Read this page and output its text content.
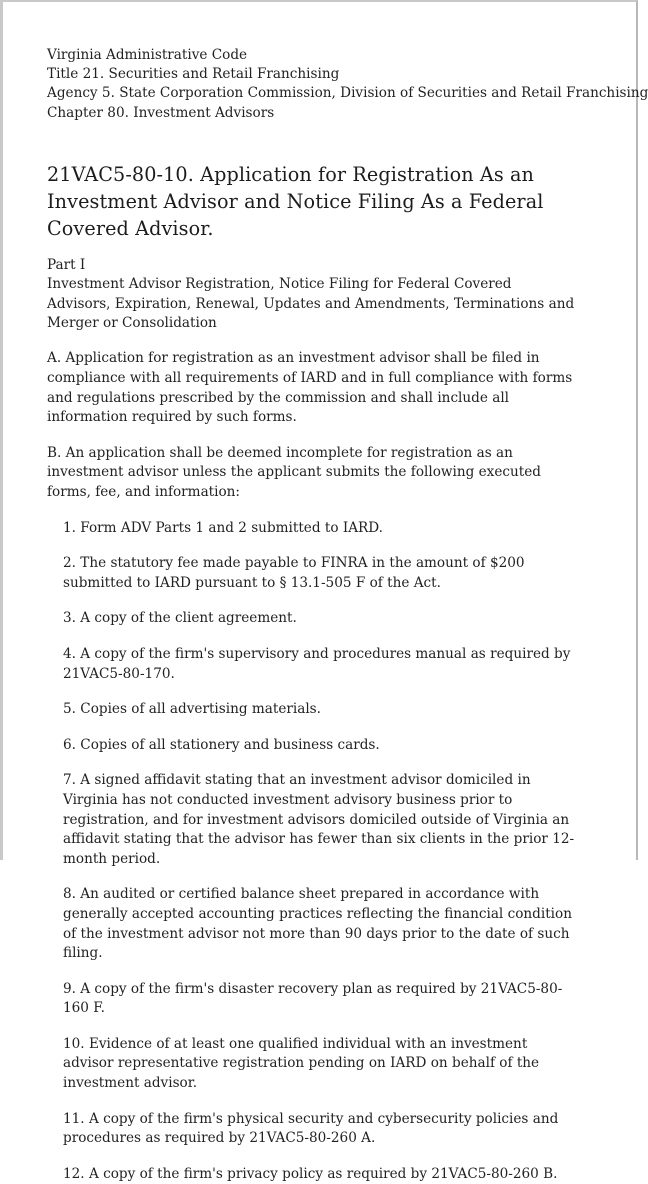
Virginia Administrative Code
Title 21. Securities and Retail Franchising
Agency 5. State Corporation Commission, Division of Securities and Retail Franchising
Chapter 80. Investment Advisors
21VAC5-80-10. Application for Registration As an Investment Advisor and Notice Filing As a Federal Covered Advisor.
Part I
Investment Advisor Registration, Notice Filing for Federal Covered Advisors, Expiration, Renewal, Updates and Amendments, Terminations and Merger or Consolidation

A. Application for registration as an investment advisor shall be filed in compliance with all requirements of IARD and in full compliance with forms and regulations prescribed by the commission and shall include all information required by such forms.

B. An application shall be deemed incomplete for registration as an investment advisor unless the applicant submits the following executed forms, fee, and information:

1. Form ADV Parts 1 and 2 submitted to IARD.

2. The statutory fee made payable to FINRA in the amount of $200 submitted to IARD pursuant to § 13.1-505 F of the Act.

3. A copy of the client agreement.

4. A copy of the firm's supervisory and procedures manual as required by 21VAC5-80-170.

5. Copies of all advertising materials.

6. Copies of all stationery and business cards.

7. A signed affidavit stating that an investment advisor domiciled in Virginia has not conducted investment advisory business prior to registration, and for investment advisors domiciled outside of Virginia an affidavit stating that the advisor has fewer than six clients in the prior 12-month period.

8. An audited or certified balance sheet prepared in accordance with generally accepted accounting practices reflecting the financial condition of the investment advisor not more than 90 days prior to the date of such filing.

9. A copy of the firm's disaster recovery plan as required by 21VAC5-80-160 F.

10. Evidence of at least one qualified individual with an investment advisor representative registration pending on IARD on behalf of the investment advisor.

11. A copy of the firm's physical security and cybersecurity policies and procedures as required by 21VAC5-80-260 A.

12. A copy of the firm's privacy policy as required by 21VAC5-80-260 B.
